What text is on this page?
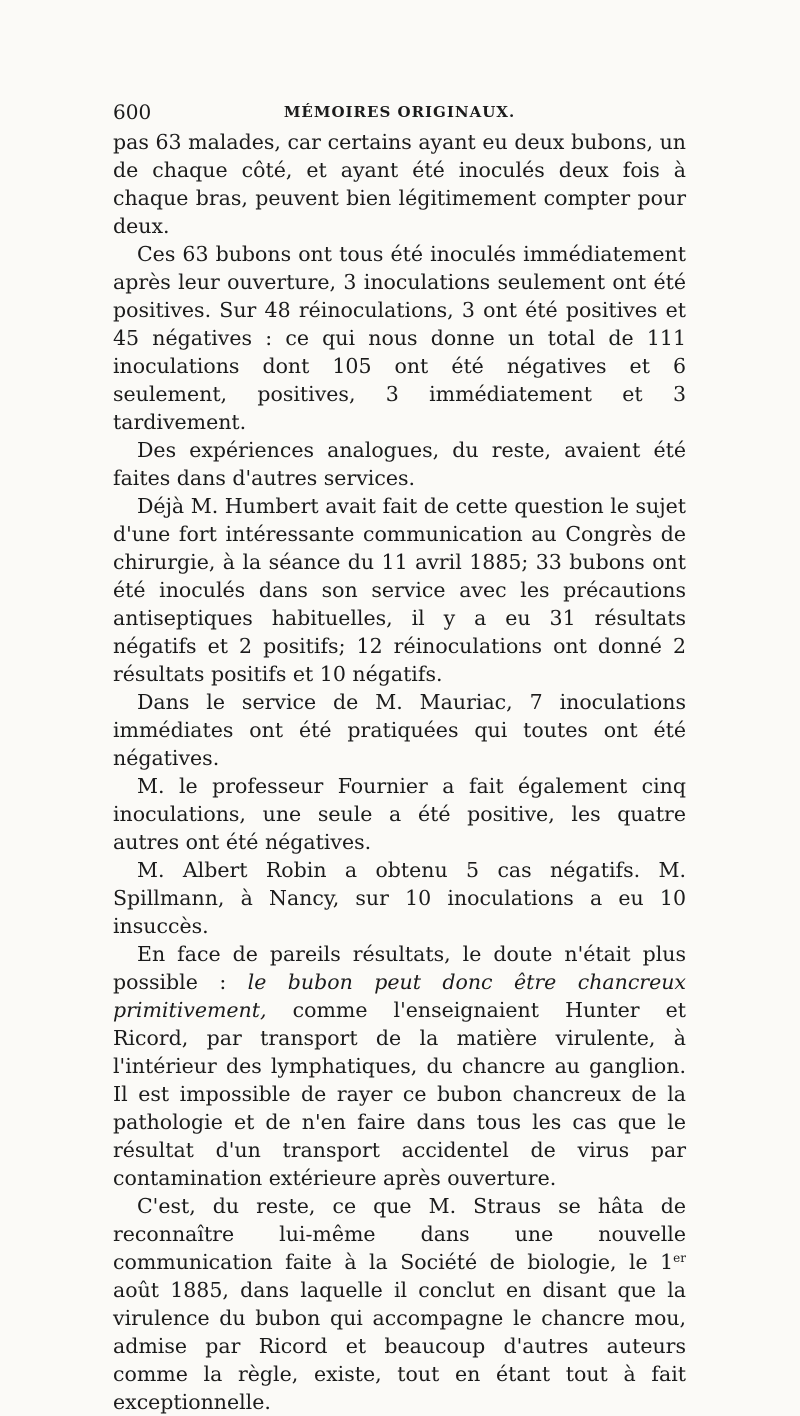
600	MÉMOIRES ORIGINAUX.

pas 63 malades, car certains ayant eu deux bubons, un de chaque côté, et ayant été inoculés deux fois à chaque bras, peuvent bien légitimement compter pour deux.

Ces 63 bubons ont tous été inoculés immédiatement après leur ouverture, 3 inoculations seulement ont été positives. Sur 48 réinoculations, 3 ont été positives et 45 négatives : ce qui nous donne un total de 111 inoculations dont 105 ont été négatives et 6 seulement, positives, 3 immédiatement et 3 tardivement.

Des expériences analogues, du reste, avaient été faites dans d'autres services.

Déjà M. Humbert avait fait de cette question le sujet d'une fort intéressante communication au Congrès de chirurgie, à la séance du 11 avril 1885; 33 bubons ont été inoculés dans son service avec les précautions antiseptiques habituelles, il y a eu 31 résultats négatifs et 2 positifs; 12 réinoculations ont donné 2 résultats positifs et 10 négatifs.

Dans le service de M. Mauriac, 7 inoculations immédiates ont été pratiquées qui toutes ont été négatives.

M. le professeur Fournier a fait également cinq inoculations, une seule a été positive, les quatre autres ont été négatives.

M. Albert Robin a obtenu 5 cas négatifs. M. Spillmann, à Nancy, sur 10 inoculations a eu 10 insuccès.

En face de pareils résultats, le doute n'était plus possible : le bubon peut donc être chancreux primitivement, comme l'enseignaient Hunter et Ricord, par transport de la matière virulente, à l'intérieur des lymphatiques, du chancre au ganglion. Il est impossible de rayer ce bubon chancreux de la pathologie et de n'en faire dans tous les cas que le résultat d'un transport accidentel de virus par contamination extérieure après ouverture.

C'est, du reste, ce que M. Straus se hâta de reconnaître lui-même dans une nouvelle communication faite à la Société de biologie, le 1er août 1885, dans laquelle il conclut en disant que la virulence du bubon qui accompagne le chancre mou, admise par Ricord et beaucoup d'autres auteurs comme la règle, existe, tout en étant tout à fait exceptionnelle.
